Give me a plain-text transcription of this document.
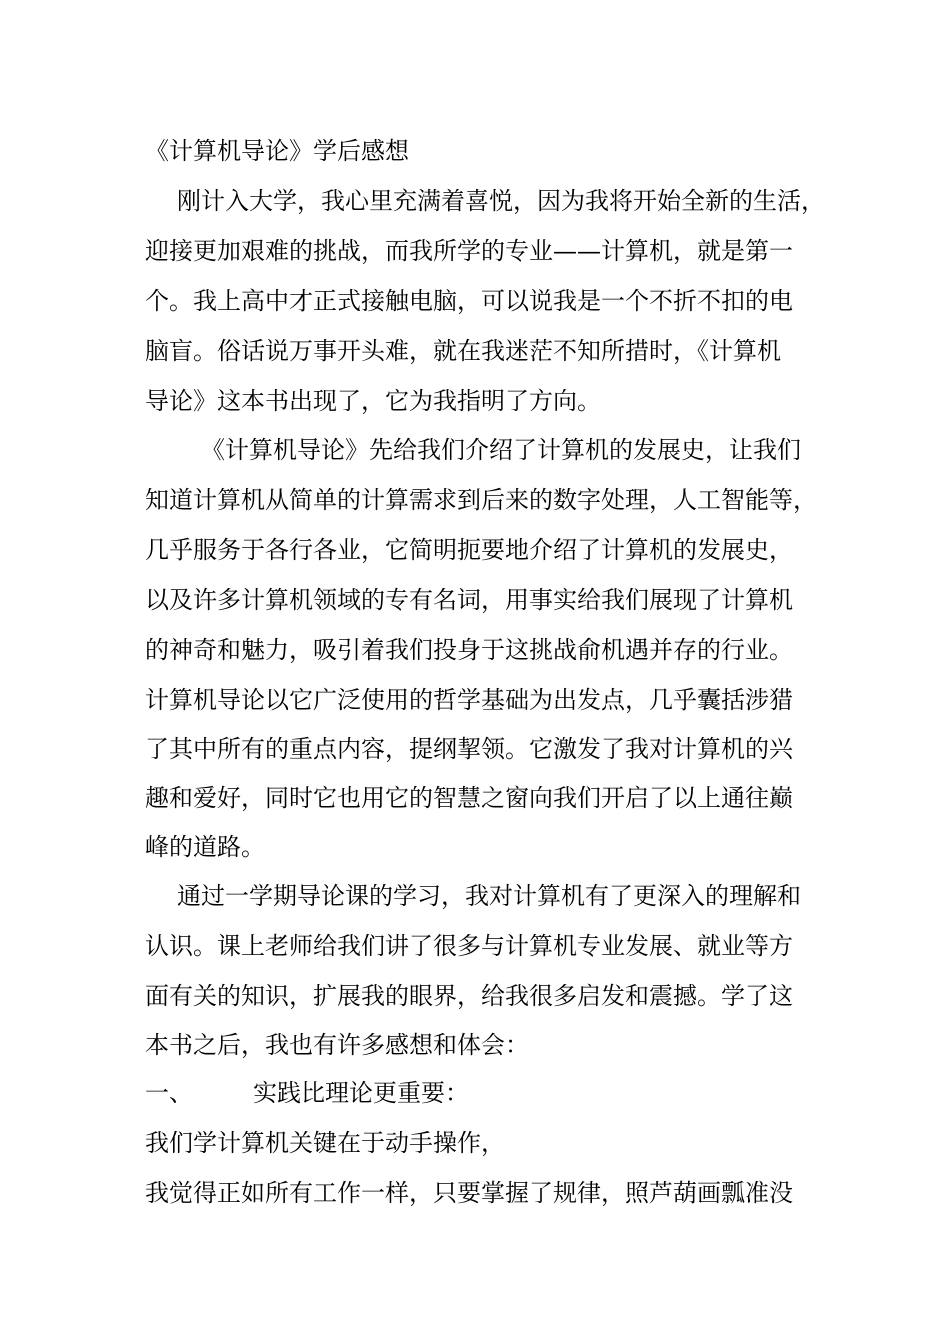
《计算机导论》学后感想
刚计入大学，我心里充满着喜悦，因为我将开始全新的生活，
迎接更加艰难的挑战，而我所学的专业——计算机，就是第一
个。我上高中才正式接触电脑，可以说我是一个不折不扣的电
脑盲。俗话说万事开头难，就在我迷茫不知所措时，《计算机
导论》这本书出现了，它为我指明了方向。
《计算机导论》先给我们介绍了计算机的发展史，让我们
知道计算机从简单的计算需求到后来的数字处理，人工智能等，
几乎服务于各行各业，它简明扼要地介绍了计算机的发展史，
以及许多计算机领域的专有名词，用事实给我们展现了计算机
的神奇和魅力，吸引着我们投身于这挑战俞机遇并存的行业。
计算机导论以它广泛使用的哲学基础为出发点，几乎囊括涉猎
了其中所有的重点内容，提纲挈领。它激发了我对计算机的兴
趣和爱好，同时它也用它的智慧之窗向我们开启了以上通往巅
峰的道路。
通过一学期导论课的学习，我对计算机有了更深入的理解和
认识。课上老师给我们讲了很多与计算机专业发展、就业等方
面有关的知识，扩展我的眼界，给我很多启发和震撼。学了这
本书之后，我也有许多感想和体会：
一、	实践比理论更重要：
我们学计算机关键在于动手操作，
我觉得正如所有工作一样，只要掌握了规律，照芦葫画瓢准没
